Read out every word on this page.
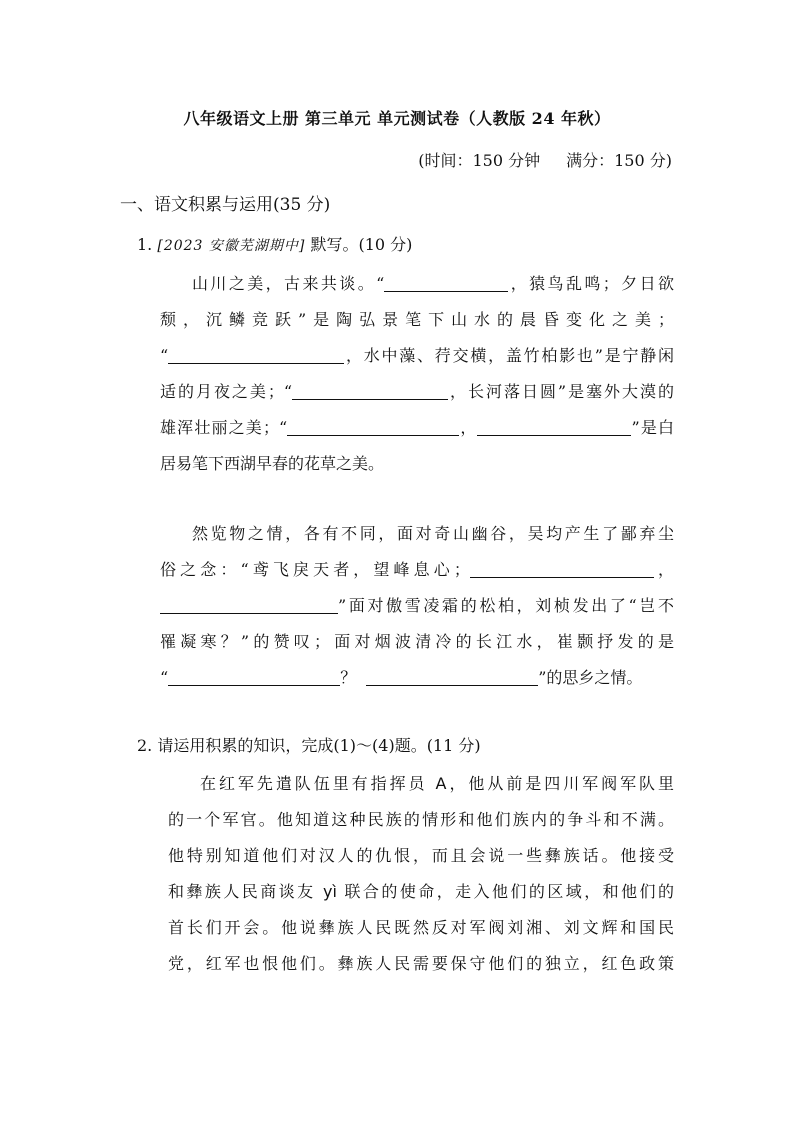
八年级语文上册 第三单元 单元测试卷（人教版 24 年秋）
(时间：150 分钟 满分：150 分)
一、语文积累与运用(35 分)
1. [2023 安徽芜湖期中] 默写。(10 分)
山川之美，古来共谈。“	，猿鸟乱鸣；夕日欲
颓，沉鳞竞跃”是陶弘景笔下山水的晨昏变化之美；
“	，水中藻、荇交横，盖竹柏影也”是宁静闲
适的月夜之美；“	，长河落日圆”是塞外大漠的
雄浑壮丽之美；“	，	”是白
居易笔下西湖早春的花草之美。
然览物之情，各有不同，面对奇山幽谷，吴均产生了鄙弃尘
俗之念：“鸢飞戾天者，望峰息心；	，
”面对傲雪凌霜的松柏，刘桢发出了“岂不
罹凝寒？”的赞叹；面对烟波清冷的长江水，崔颢抒发的是
“	？	”的思乡之情。
2. 请运用积累的知识，完成(1)～(4)题。(11 分)
在红军先遣队伍里有指挥员 A，他从前是四川军阀军队里
的一个军官。他知道这种民族的情形和他们族内的争斗和不满。
他特别知道他们对汉人的仇恨，而且会说一些彝族话。他接受
和彝族人民商谈友 yì 联合的使命，走入他们的区域，和他们的
首长们开会。他说彝族人民既然反对军阀刘湘、刘文辉和国民
党，红军也恨他们。彝族人民需要保守他们的独立，红色政策
